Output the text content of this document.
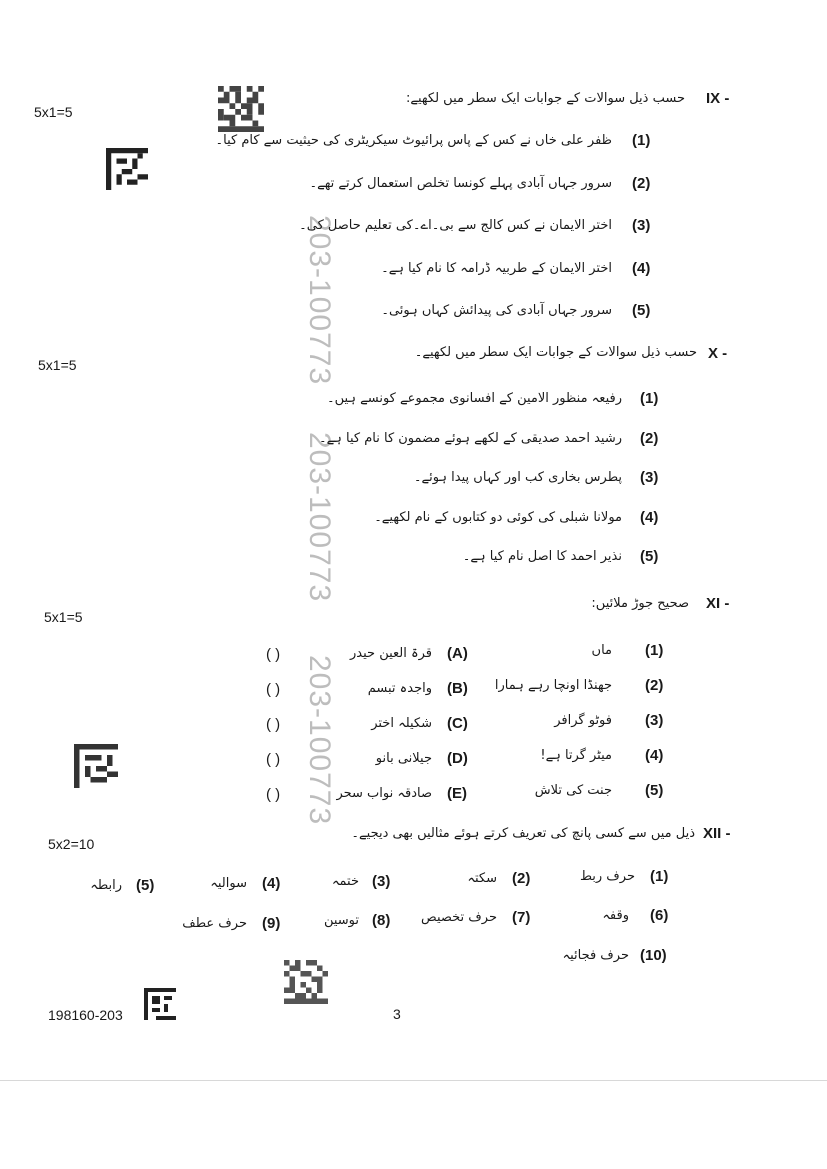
203-100773
203-100773
203-100773
5x1=5
5x1=5
5x1=5
5x2=10
IX -
حسب ذیل سوالات کے جوابات ایک سطر میں لکھیے:
(1)
ظفر علی خاں نے کس کے پاس پرائیوٹ سیکریٹری کی حیثیت سے کام کیا۔
(2)
سرور جہاں آبادی پہلے کونسا تخلص استعمال کرتے تھے۔
(3)
اختر الایمان نے کس کالج سے بی۔اے۔کی تعلیم حاصل کی۔
(4)
اختر الایمان کے طربیہ ڈرامہ کا نام کیا ہے۔
(5)
سرور جہاں آبادی کی پیدائش کہاں ہوئی۔
X -
حسب ذیل سوالات کے جوابات ایک سطر میں لکھیے۔
(1)
رفیعہ منظور الامین کے افسانوی مجموعے کونسے ہیں۔
(2)
رشید احمد صدیقی کے لکھے ہوئے مضمون کا نام کیا ہے۔
(3)
پطرس بخاری کب اور کہاں پیدا ہوئے۔
(4)
مولانا شبلی کی کوئی دو کتابوں کے نام لکھیے۔
(5)
نذیر احمد کا اصل نام کیا ہے۔
XI -
صحیح جوڑ ملائیں:
(1)
ماں
(2)
جھنڈا اونچا رہے ہمارا
(3)
فوٹو گرافر
(4)
میٹر گرتا ہے!
(5)
جنت کی تلاش
(A)
قرۃ العین حیدر
(B)
واجدہ تبسم
(C)
شکیلہ اختر
(D)
جیلانی بانو
(E)
صادقہ نواب سحر
( )
( )
( )
( )
( )
XII -
ذیل میں سے کسی پانچ کی تعریف کرتے ہوئے مثالیں بھی دیجیے۔
(1)
حرف ربط
(2)
سکتہ
(3)
ختمہ
(4)
سوالیہ
(5)
رابطہ
(6)
وقفہ
(7)
حرف تخصیص
(8)
توسین
(9)
حرف عطف
(10)
حرف فجائیہ
198160-203	3
